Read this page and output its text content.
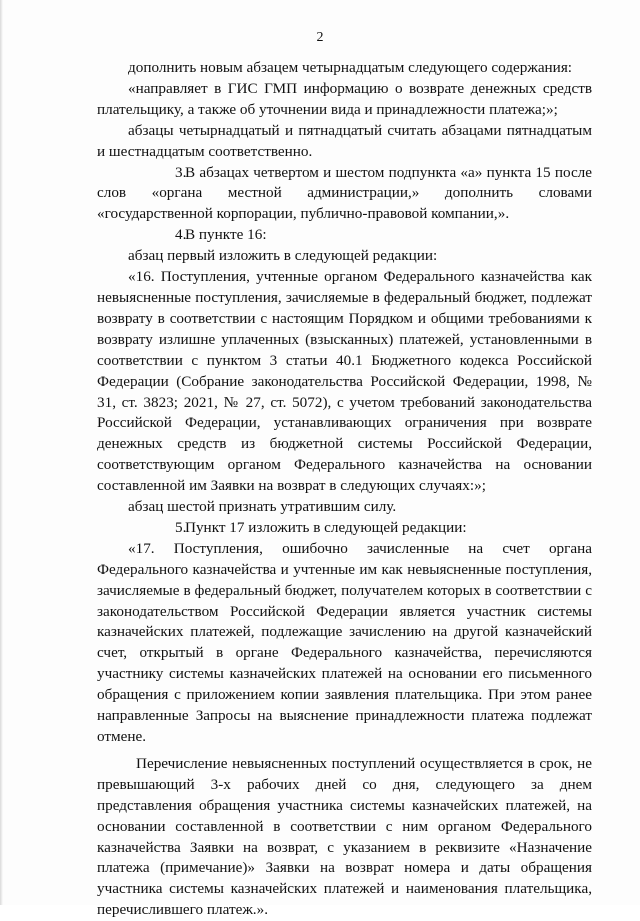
2

дополнить новым абзацем четырнадцатым следующего содержания:

«направляет в ГИС ГМП информацию о возврате денежных средств плательщику, а также об уточнении вида и принадлежности платежа;»;

абзацы четырнадцатый и пятнадцатый считать абзацами пятнадцатым и шестнадцатым соответственно.

3.В абзацах четвертом и шестом подпункта «а» пункта 15 после слов «органа местной администрации,» дополнить словами «государственной корпорации, публично-правовой компании,».

4.В пункте 16:

абзац первый изложить в следующей редакции:

«16. Поступления, учтенные органом Федерального казначейства как невыясненные поступления, зачисляемые в федеральный бюджет, подлежат возврату в соответствии с настоящим Порядком и общими требованиями к возврату излишне уплаченных (взысканных) платежей, установленными в соответствии с пунктом 3 статьи 40.1 Бюджетного кодекса Российской Федерации (Собрание законодательства Российской Федерации, 1998, № 31, ст. 3823; 2021, № 27, ст. 5072), с учетом требований законодательства Российской Федерации, устанавливающих ограничения при возврате денежных средств из бюджетной системы Российской Федерации, соответствующим органом Федерального казначейства на основании составленной им Заявки на возврат в следующих случаях:»;

абзац шестой признать утратившим силу.

5.Пункт 17 изложить в следующей редакции:

«17. Поступления, ошибочно зачисленные на счет органа Федерального казначейства и учтенные им как невыясненные поступления, зачисляемые в федеральный бюджет, получателем которых в соответствии с законодательством Российской Федерации является участник системы казначейских платежей, подлежащие зачислению на другой казначейский счет, открытый в органе Федерального казначейства, перечисляются участнику системы казначейских платежей на основании его письменного обращения с приложением копии заявления плательщика. При этом ранее направленные Запросы на выяснение принадлежности платежа подлежат отмене.

Перечисление невыясненных поступлений осуществляется в срок, не превышающий 3-х рабочих дней со дня, следующего за днем представления обращения участника системы казначейских платежей, на основании составленной в соответствии с ним органом Федерального казначейства Заявки на возврат, с указанием в реквизите «Назначение платежа (примечание)» Заявки на возврат номера и даты обращения участника системы казначейских платежей и наименования плательщика, перечислившего платеж.».
